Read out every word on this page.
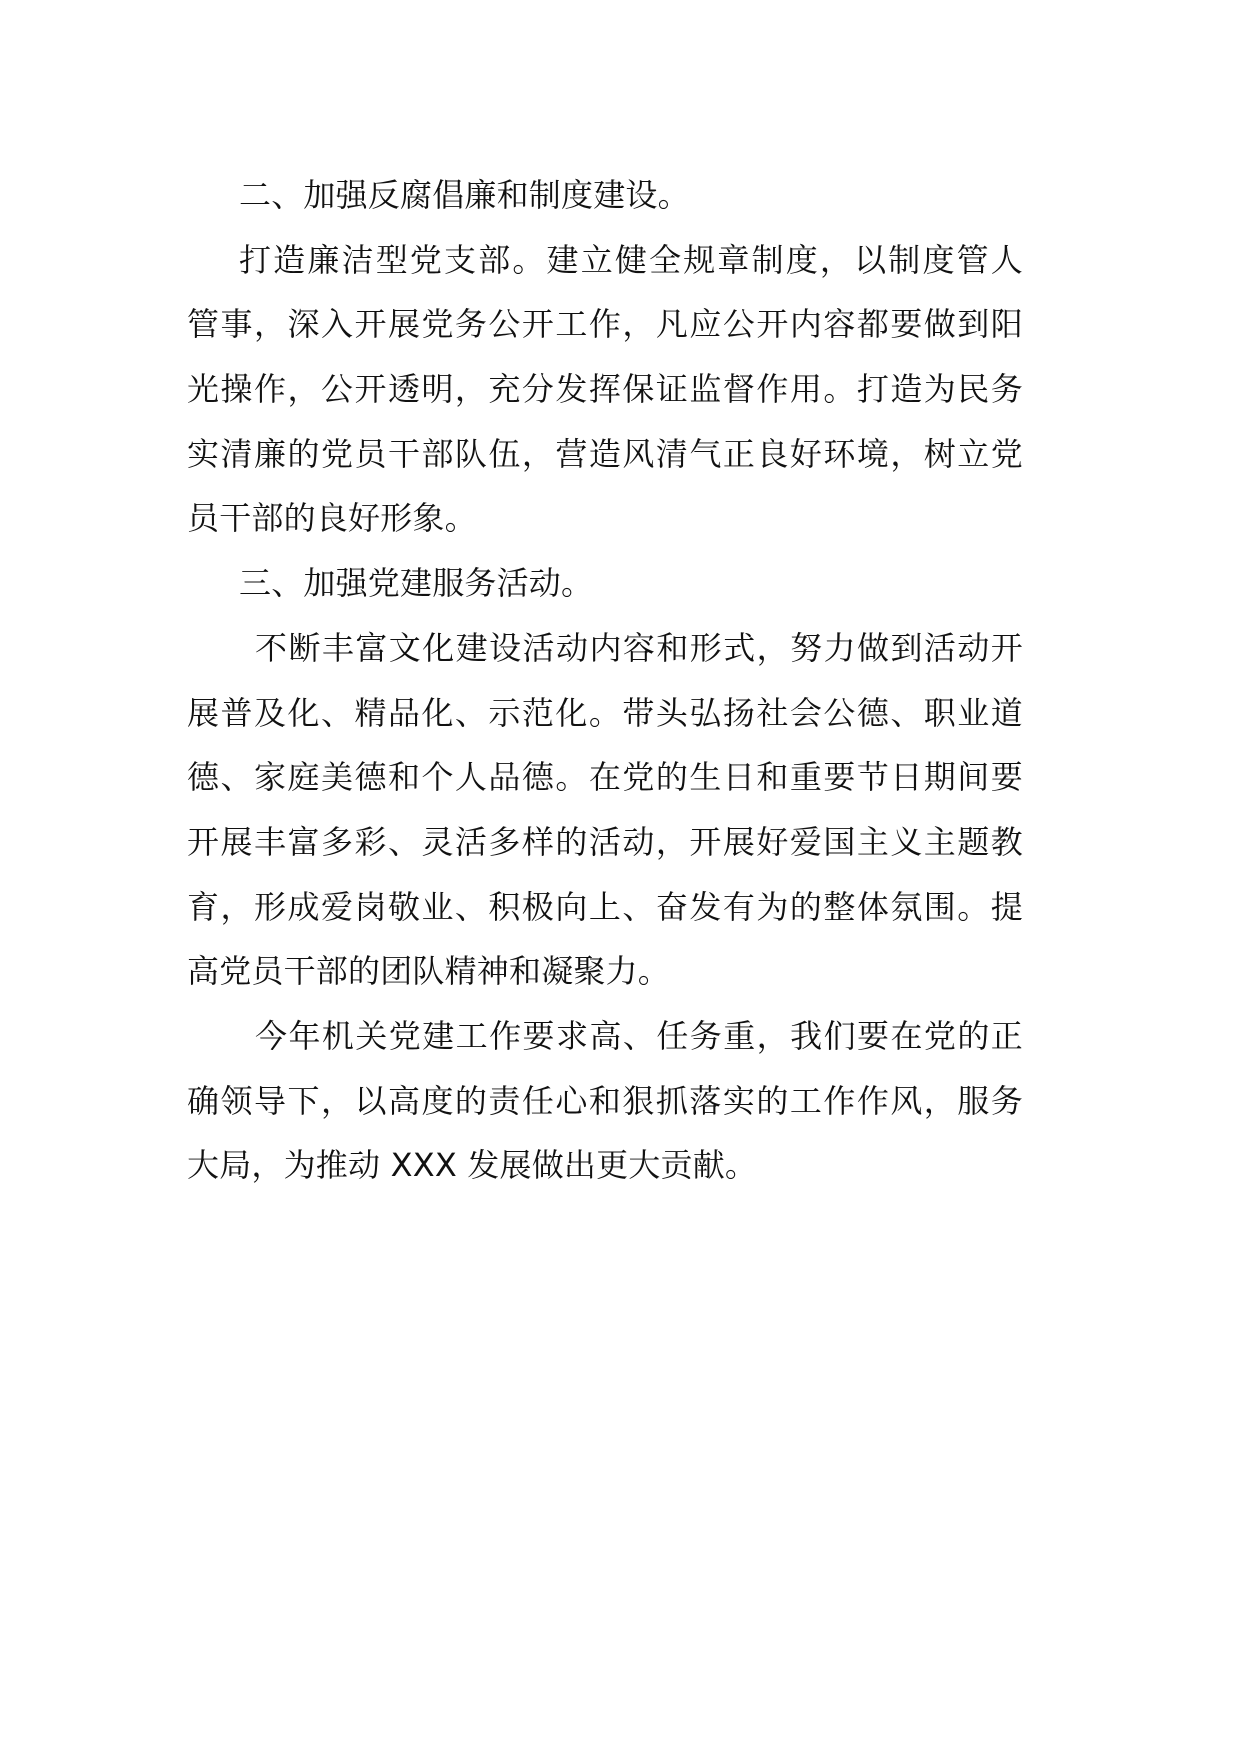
二、加强反腐倡廉和制度建设。
打造廉洁型党支部。建立健全规章制度，以制度管人
管事，深入开展党务公开工作，凡应公开内容都要做到阳
光操作，公开透明，充分发挥保证监督作用。打造为民务
实清廉的党员干部队伍，营造风清气正良好环境，树立党
员干部的良好形象。
三、加强党建服务活动。
不断丰富文化建设活动内容和形式，努力做到活动开
展普及化、精品化、示范化。带头弘扬社会公德、职业道
德、家庭美德和个人品德。在党的生日和重要节日期间要
开展丰富多彩、灵活多样的活动，开展好爱国主义主题教
育，形成爱岗敬业、积极向上、奋发有为的整体氛围。提
高党员干部的团队精神和凝聚力。
今年机关党建工作要求高、任务重，我们要在党的正
确领导下，以高度的责任心和狠抓落实的工作作风，服务
大局，为推动 XXX 发展做出更大贡献。
